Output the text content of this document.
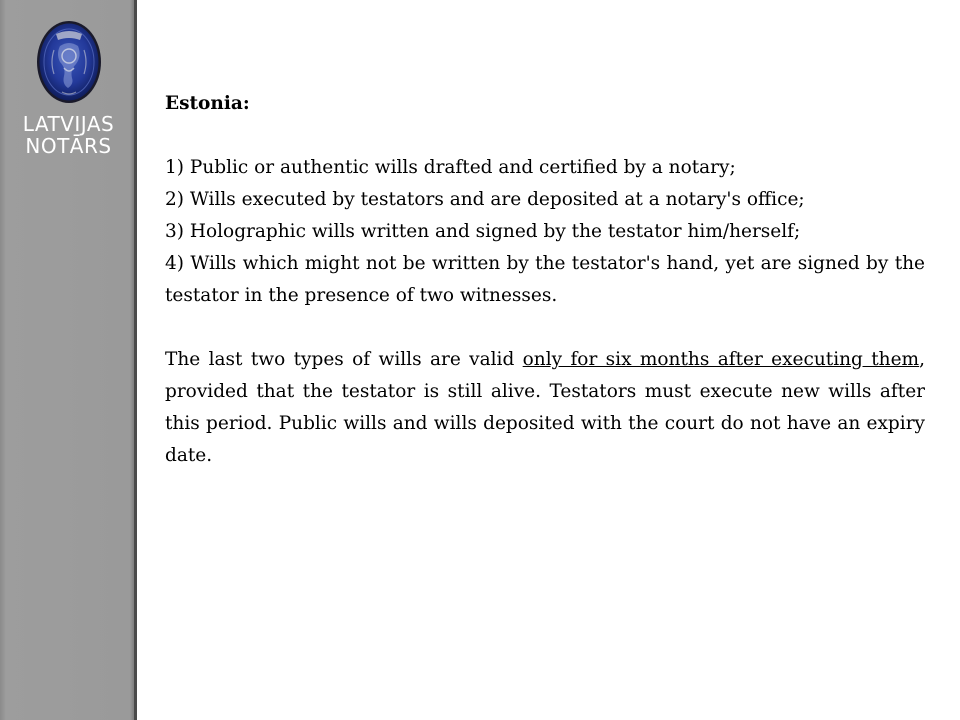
LATVIJAS
NOTĀRS
Estonia:
1) Public or authentic wills drafted and certified by a notary;
2) Wills executed by testators and are deposited at a notary's office;
3) Holographic wills written and signed by the testator him/herself;
4) Wills which might not be written by the testator's hand, yet are signed by the testator in the presence of two witnesses.

The last two types of wills are valid only for six months after executing them, provided that the testator is still alive. Testators must execute new wills after this period. Public wills and wills deposited with the court do not have an expiry date.
